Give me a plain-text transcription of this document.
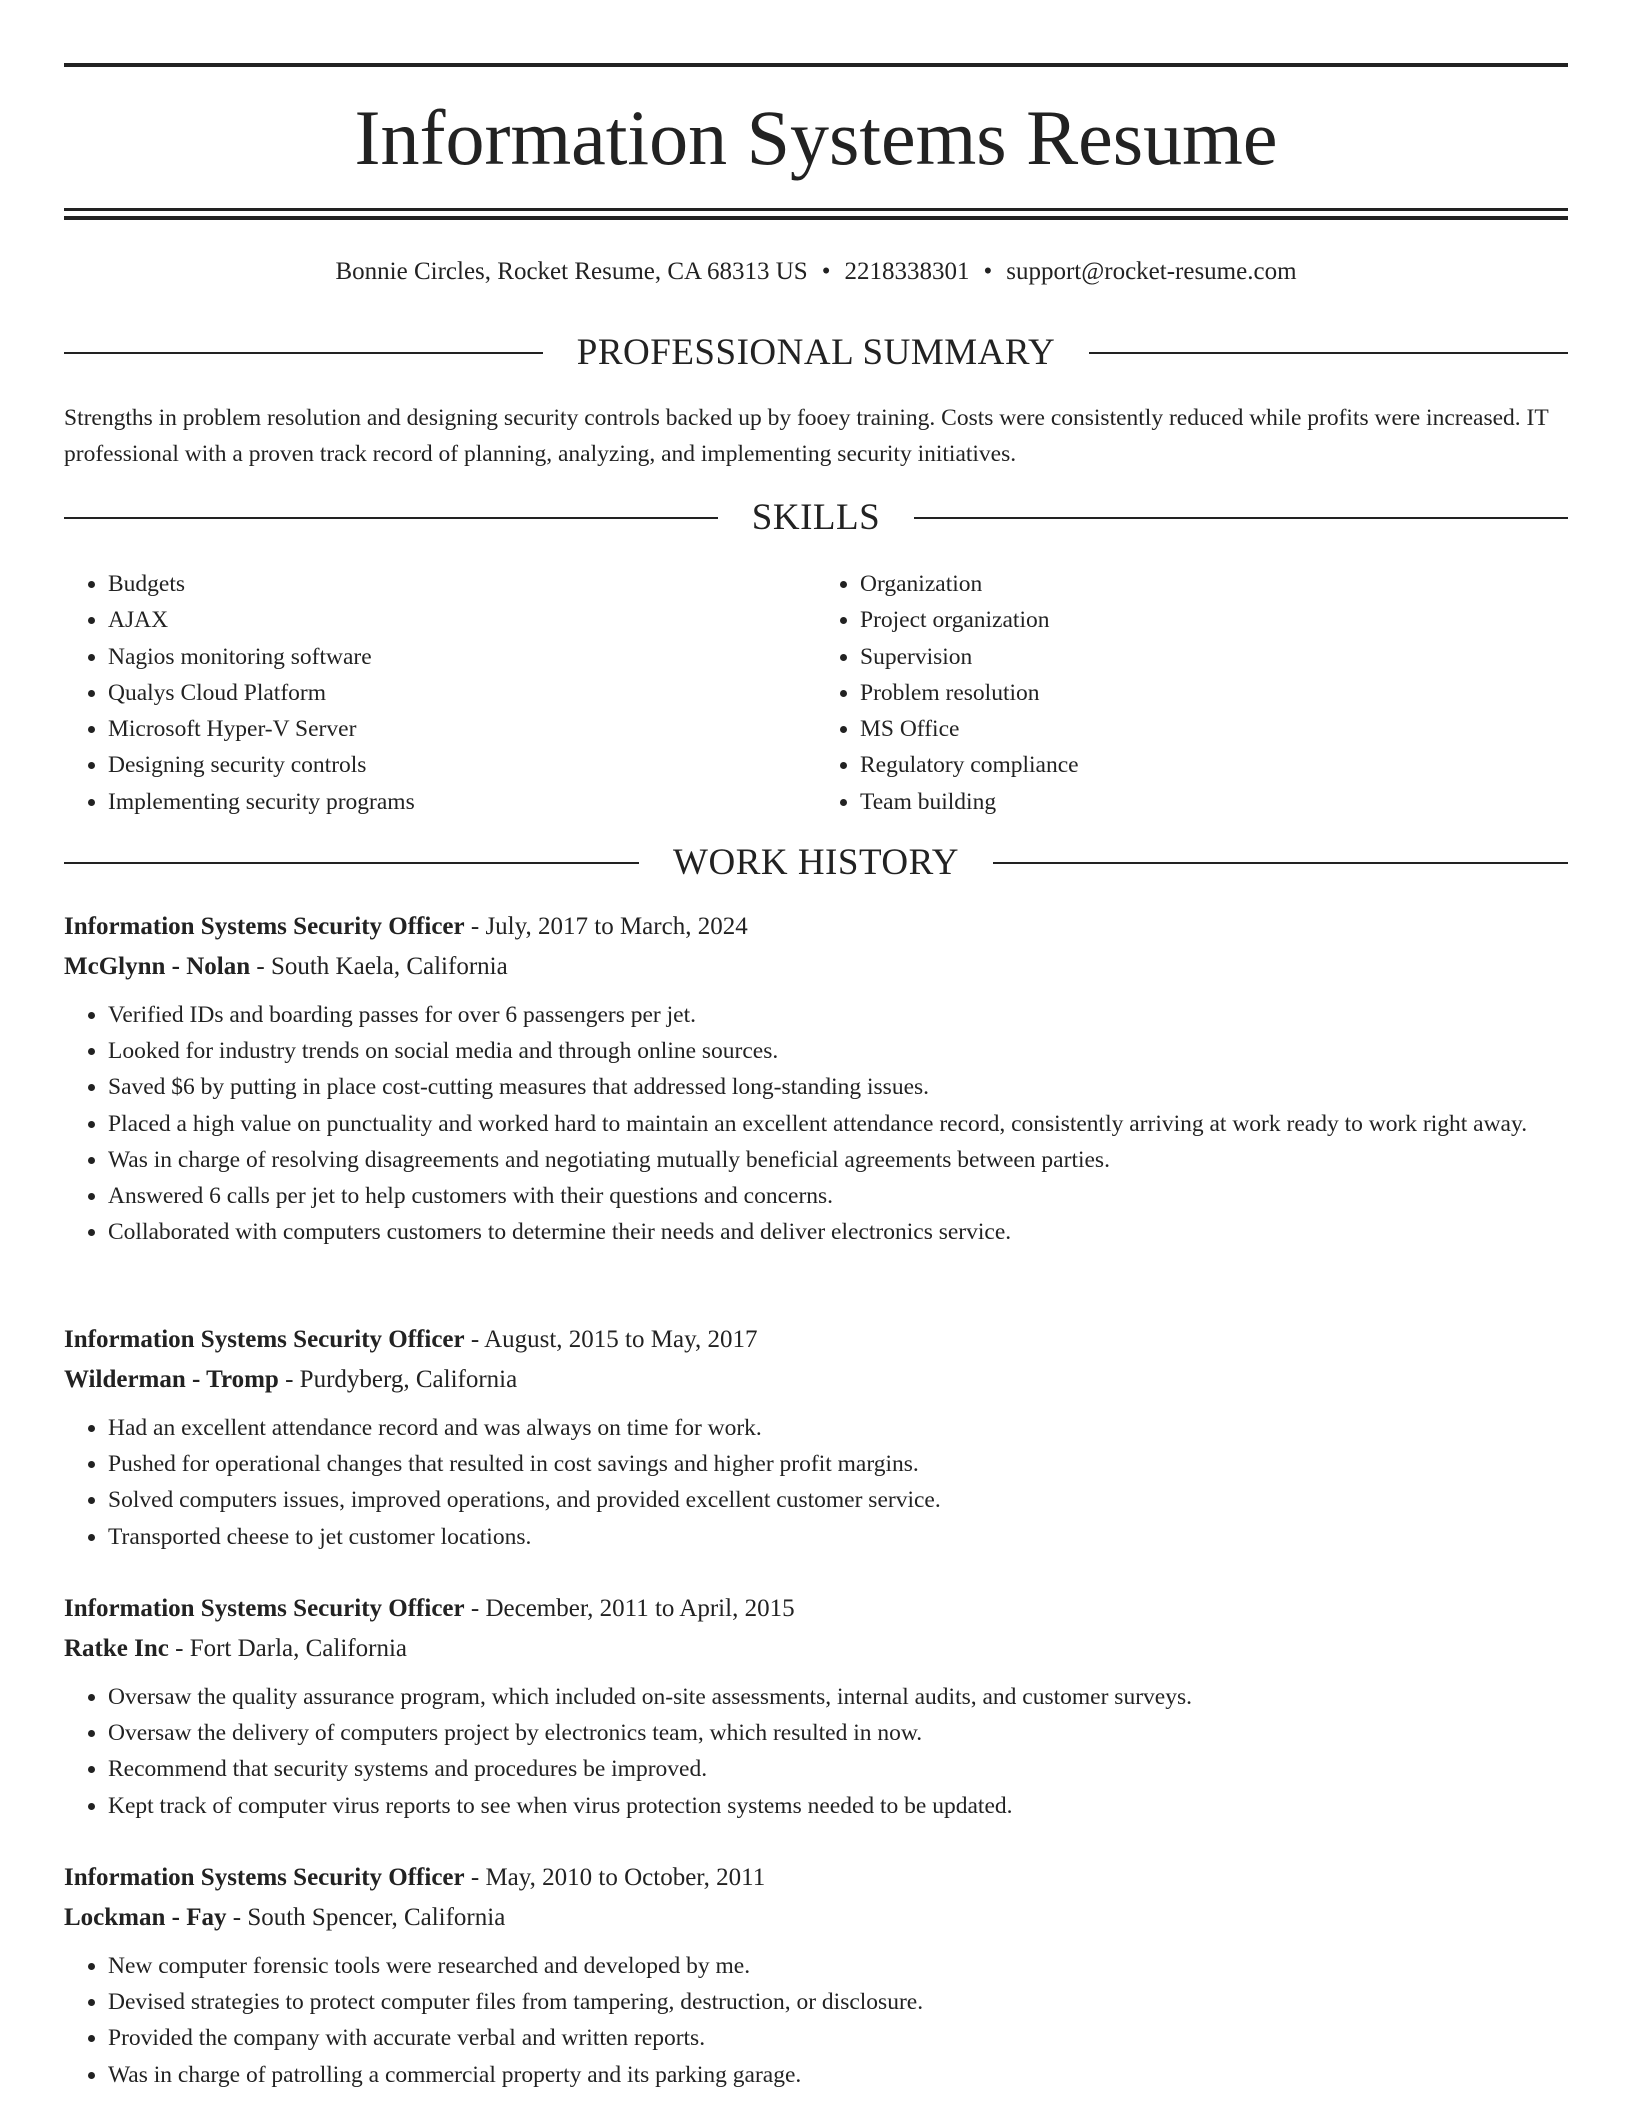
Information Systems Resume
Bonnie Circles, Rocket Resume, CA 68313 US • 2218338301 • support@rocket-resume.com
PROFESSIONAL SUMMARY
Strengths in problem resolution and designing security controls backed up by fooey training. Costs were consistently reduced while profits were increased. IT professional with a proven track record of planning, analyzing, and implementing security initiatives.
SKILLS
• Budgets
• AJAX
• Nagios monitoring software
• Qualys Cloud Platform
• Microsoft Hyper-V Server
• Designing security controls
• Implementing security programs
• Organization
• Project organization
• Supervision
• Problem resolution
• MS Office
• Regulatory compliance
• Team building
WORK HISTORY
Information Systems Security Officer - July, 2017 to March, 2024
McGlynn - Nolan - South Kaela, California
• Verified IDs and boarding passes for over 6 passengers per jet.
• Looked for industry trends on social media and through online sources.
• Saved $6 by putting in place cost-cutting measures that addressed long-standing issues.
• Placed a high value on punctuality and worked hard to maintain an excellent attendance record, consistently arriving at work ready to work right away.
• Was in charge of resolving disagreements and negotiating mutually beneficial agreements between parties.
• Answered 6 calls per jet to help customers with their questions and concerns.
• Collaborated with computers customers to determine their needs and deliver electronics service.
Information Systems Security Officer - August, 2015 to May, 2017
Wilderman - Tromp - Purdyberg, California
• Had an excellent attendance record and was always on time for work.
• Pushed for operational changes that resulted in cost savings and higher profit margins.
• Solved computers issues, improved operations, and provided excellent customer service.
• Transported cheese to jet customer locations.
Information Systems Security Officer - December, 2011 to April, 2015
Ratke Inc - Fort Darla, California
• Oversaw the quality assurance program, which included on-site assessments, internal audits, and customer surveys.
• Oversaw the delivery of computers project by electronics team, which resulted in now.
• Recommend that security systems and procedures be improved.
• Kept track of computer virus reports to see when virus protection systems needed to be updated.
Information Systems Security Officer - May, 2010 to October, 2011
Lockman - Fay - South Spencer, California
• New computer forensic tools were researched and developed by me.
• Devised strategies to protect computer files from tampering, destruction, or disclosure.
• Provided the company with accurate verbal and written reports.
• Was in charge of patrolling a commercial property and its parking garage.
